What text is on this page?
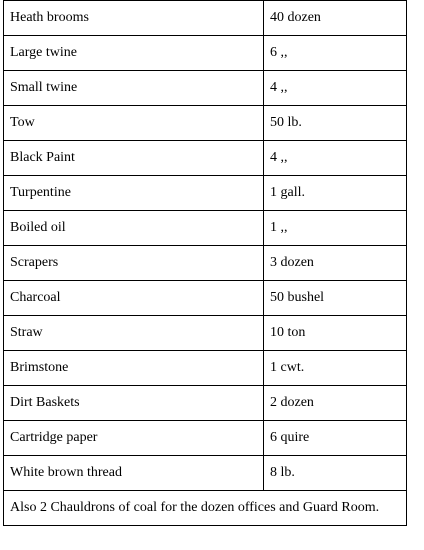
Heath brooms	40 dozen
Large twine	6 ,,
Small twine	4 ,,
Tow	50 lb.
Black Paint	4 ,,
Turpentine	1 gall.
Boiled oil	1 ,,
Scrapers	3 dozen
Charcoal	50 bushel
Straw	10 ton
Brimstone	1 cwt.
Dirt Baskets	2 dozen
Cartridge paper	6 quire
White brown thread	8 lb.
Also 2 Chauldrons of coal for the dozen offices and Guard Room.	
